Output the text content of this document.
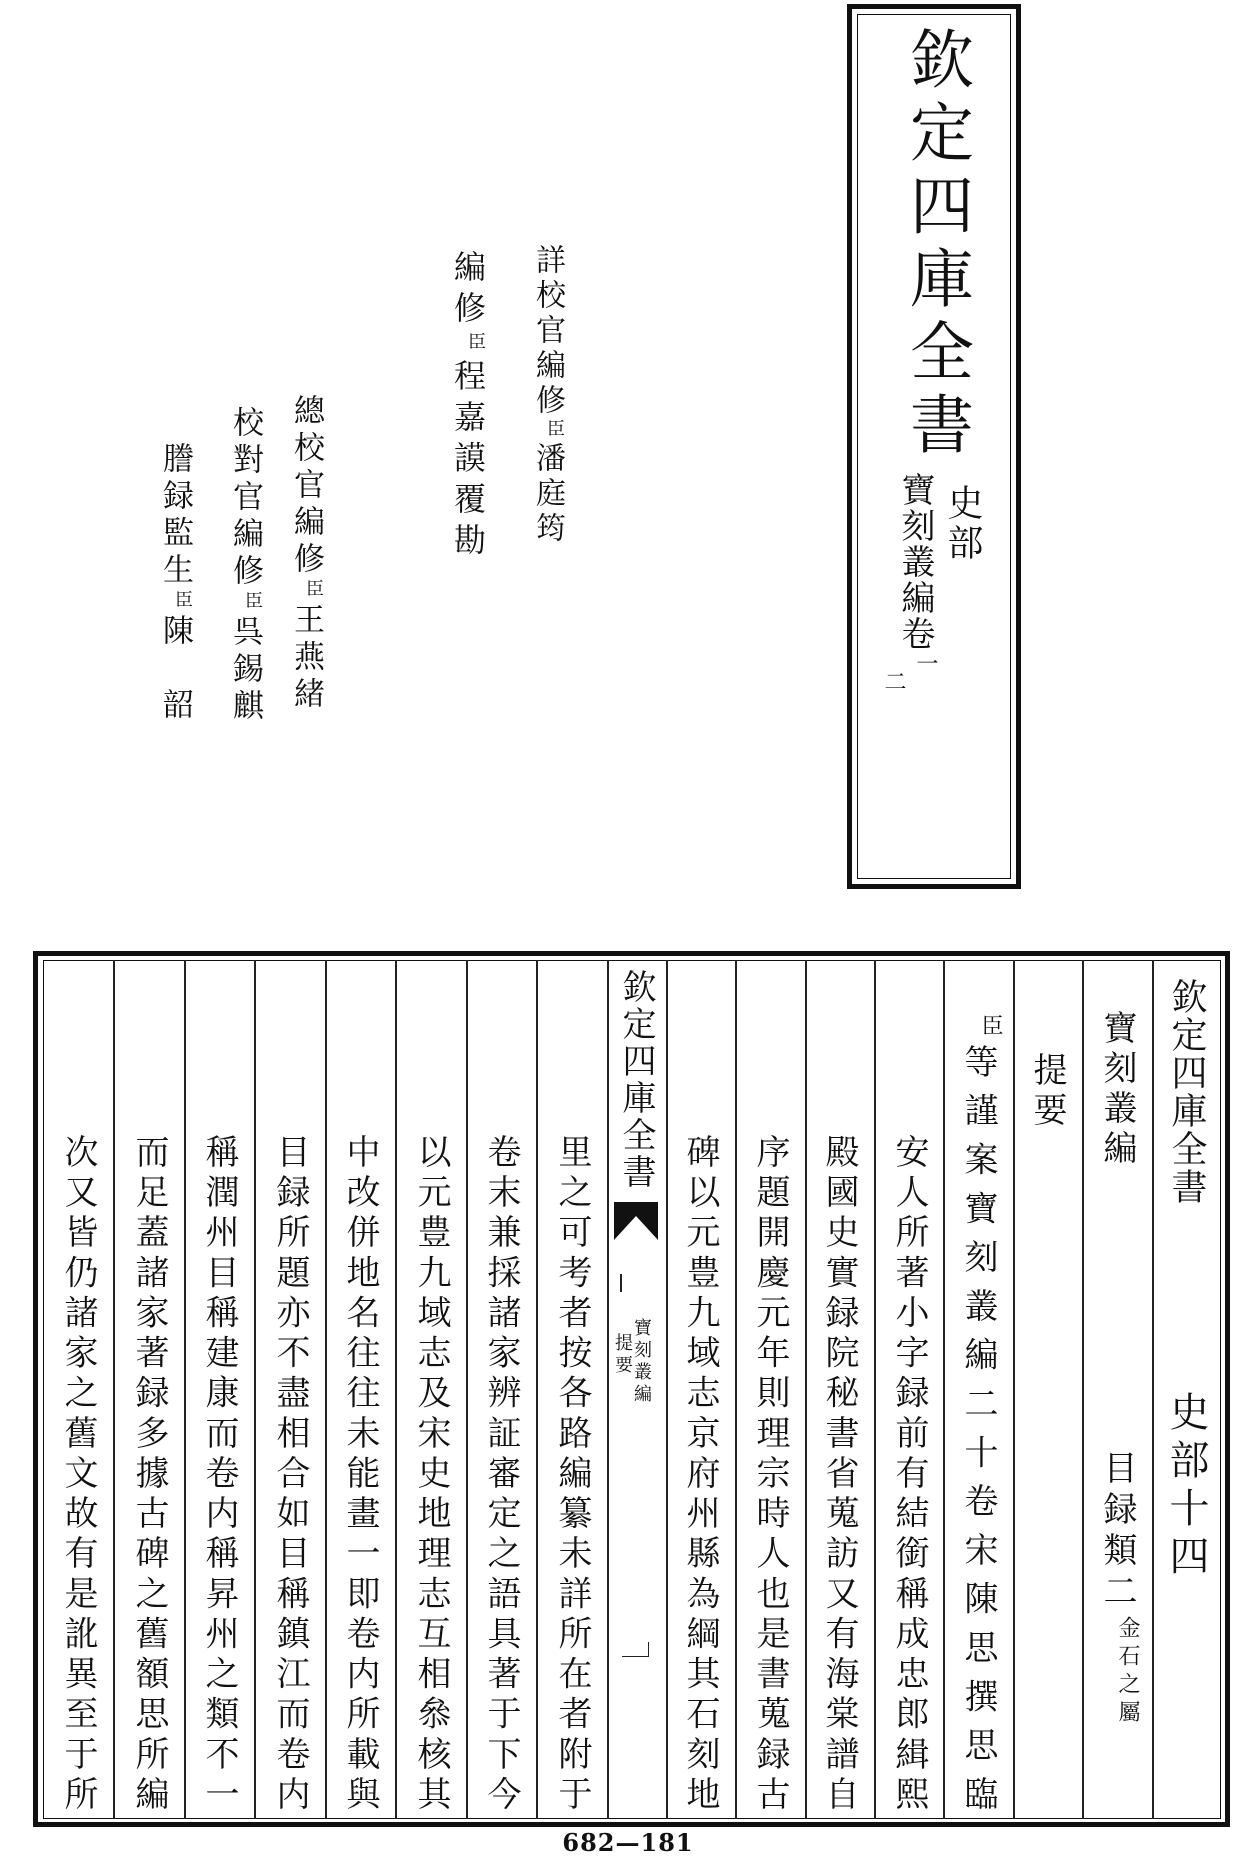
欽定四庫全書
史部
寶刻叢編卷
一
二
詳校官編修臣潘庭筠
編修臣程嘉謨覆勘
總校官編修臣王燕緒
校對官編修臣呉錫麒
謄録監生臣陳　韶
欽定四庫全書
史部十四
寶刻叢編
目録類二
金石之屬
提要
臣
等謹案寶刻叢編二十卷宋陳思撰思臨
安人所著小字録前有結銜稱成忠郎緝熙
殿國史實録院秘書省蒐訪又有海棠譜自
序題開慶元年則理宗時人也是書蒐録古
碑以元豊九域志京府州縣為綱其石刻地
欽定四庫全書
寶刻叢編
提要
里之可考者按各路編纂未詳所在者附于
卷末兼採諸家辨証審定之語具著于下今
以元豊九域志及宋史地理志互相叅核其
中改併地名往往未能畫一即卷内所載與
目録所題亦不盡相合如目稱鎮江而卷内
稱潤州目稱建康而卷内稱昇州之類不一
而足蓋諸家著録多據古碑之舊額思所編
次又皆仍諸家之舊文故有是訛異至于所
682—181
